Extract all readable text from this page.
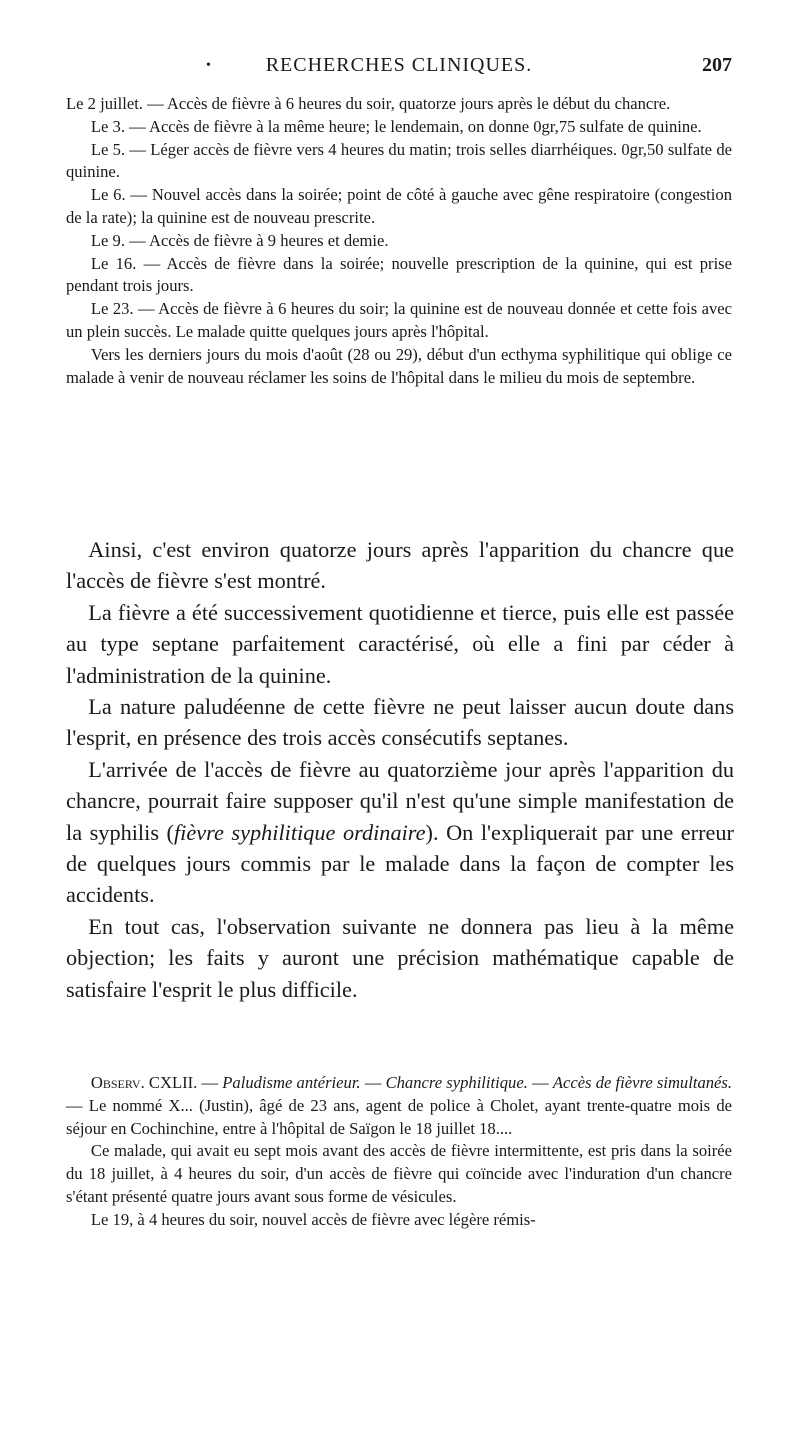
•	RECHERCHES CLINIQUES.	207

Le 2 juillet. — Accès de fièvre à 6 heures du soir, quatorze jours après le début du chancre.

Le 3. — Accès de fièvre à la même heure; le lendemain, on donne 0gr,75 sulfate de quinine.

Le 5. — Léger accès de fièvre vers 4 heures du matin; trois selles diarrhéiques. 0gr,50 sulfate de quinine.

Le 6. — Nouvel accès dans la soirée; point de côté à gauche avec gêne respiratoire (congestion de la rate); la quinine est de nouveau prescrite.

Le 9. — Accès de fièvre à 9 heures et demie.

Le 16. — Accès de fièvre dans la soirée; nouvelle prescription de la quinine, qui est prise pendant trois jours.

Le 23. — Accès de fièvre à 6 heures du soir; la quinine est de nouveau donnée et cette fois avec un plein succès. Le malade quitte quelques jours après l'hôpital.

Vers les derniers jours du mois d'août (28 ou 29), début d'un ecthyma syphilitique qui oblige ce malade à venir de nouveau réclamer les soins de l'hôpital dans le milieu du mois de septembre.

Ainsi, c'est environ quatorze jours après l'apparition du chancre que l'accès de fièvre s'est montré.

La fièvre a été successivement quotidienne et tierce, puis elle est passée au type septane parfaitement caractérisé, où elle a fini par céder à l'administration de la quinine.

La nature paludéenne de cette fièvre ne peut laisser aucun doute dans l'esprit, en présence des trois accès consécutifs septanes.

L'arrivée de l'accès de fièvre au quatorzième jour après l'apparition du chancre, pourrait faire supposer qu'il n'est qu'une simple manifestation de la syphilis (fièvre syphilitique ordinaire). On l'expliquerait par une erreur de quelques jours commis par le malade dans la façon de compter les accidents.

En tout cas, l'observation suivante ne donnera pas lieu à la même objection; les faits y auront une précision mathématique capable de satisfaire l'esprit le plus difficile.

Observ. CXLII. — Paludisme antérieur. — Chancre syphilitique. — Accès de fièvre simultanés. — Le nommé X... (Justin), âgé de 23 ans, agent de police à Cholet, ayant trente-quatre mois de séjour en Cochinchine, entre à l'hôpital de Saïgon le 18 juillet 18....

Ce malade, qui avait eu sept mois avant des accès de fièvre intermittente, est pris dans la soirée du 18 juillet, à 4 heures du soir, d'un accès de fièvre qui coïncide avec l'induration d'un chancre s'étant présenté quatre jours avant sous forme de vésicules.

Le 19, à 4 heures du soir, nouvel accès de fièvre avec légère rémis-
